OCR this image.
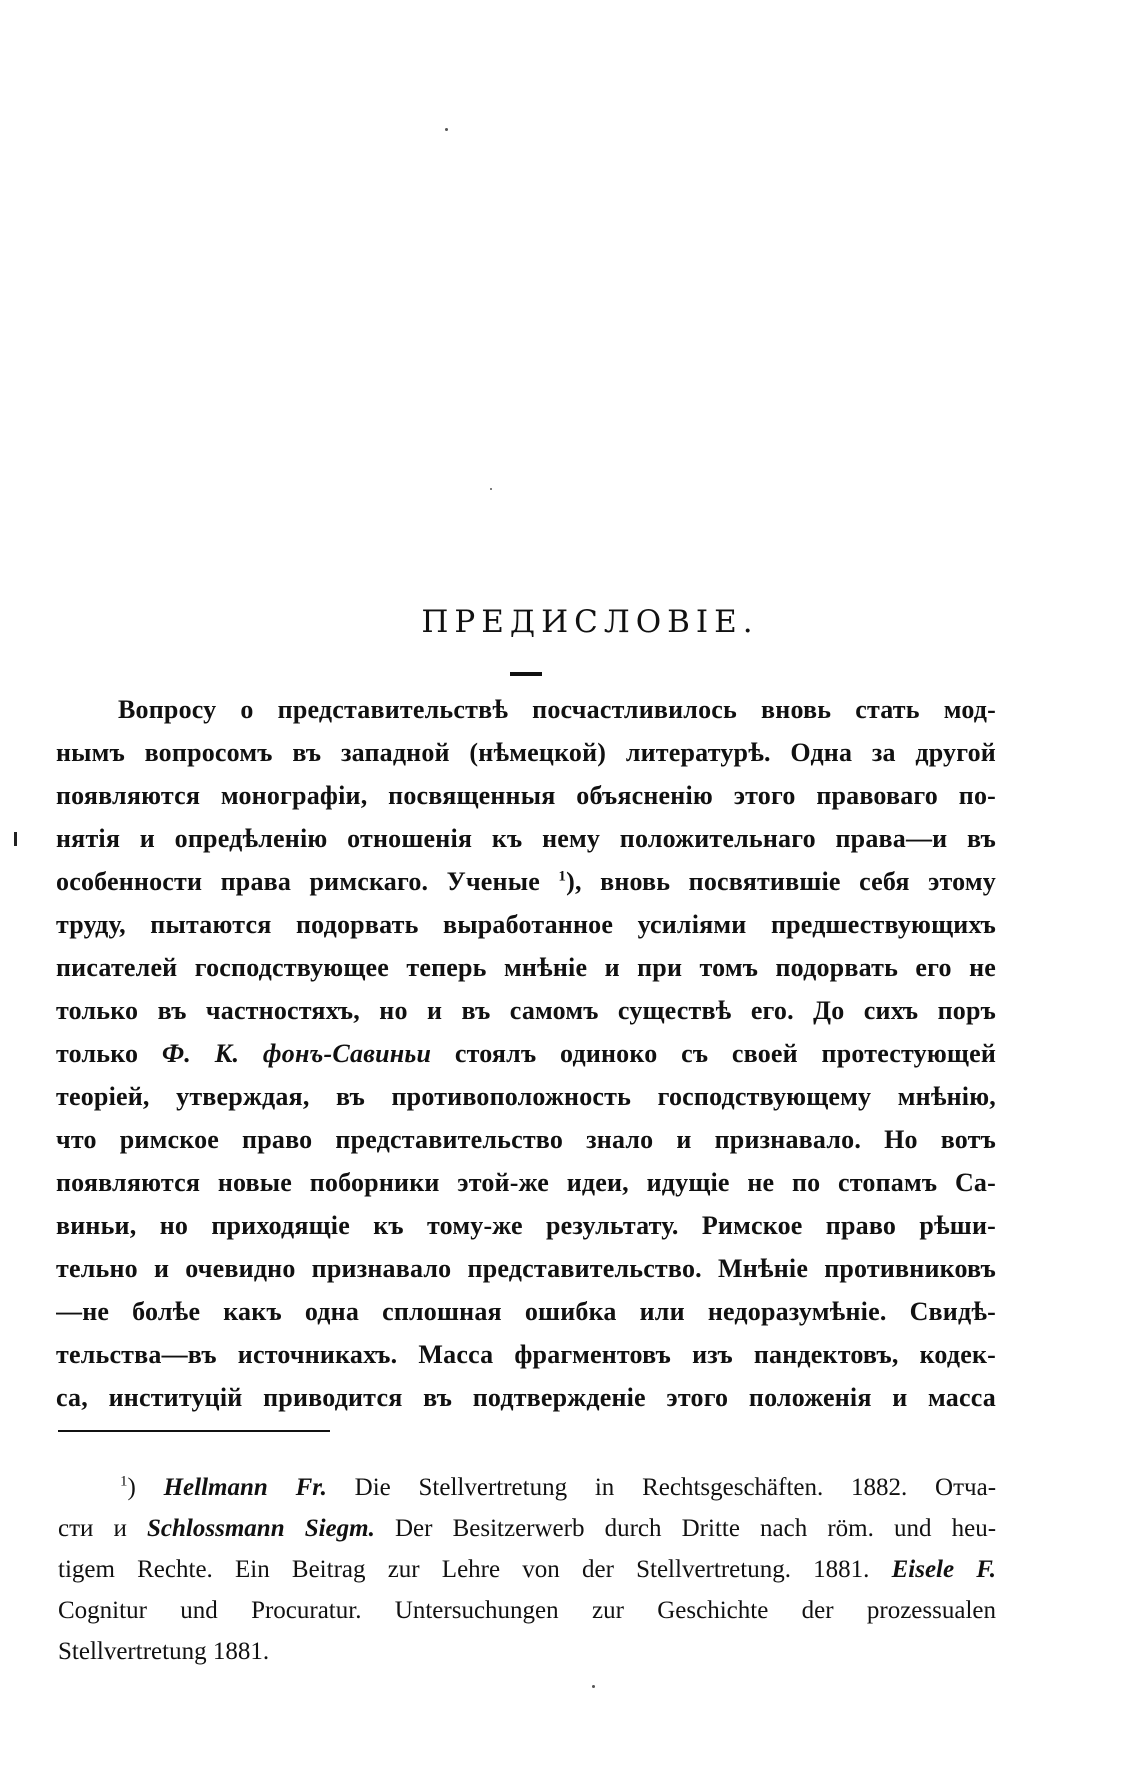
ПРЕДИСЛОВІЕ.
Вопросу о представительствѣ посчастливилось вновь стать мод-
нымъ вопросомъ въ западной (нѣмецкой) литературѣ. Одна за другой
появляются монографіи, посвященныя объясненію этого правоваго по-
нятія и опредѣленію отношенія къ нему положительнаго права—и въ
особенности права римскаго. Ученые $^1$), вновь посвятившіе себя этому
труду, пытаются подорвать выработанное усиліями предшествующихъ
писателей господствующее теперь мнѣніе и при томъ подорвать его не
только въ частностяхъ, но и въ самомъ существѣ его. До сихъ поръ
только Ф. К. фонъ-Савиньи стоялъ одиноко съ своей протестующей
теоріей, утверждая, въ противоположность господствующему мнѣнію,
что римское право представительство знало и признавало. Но вотъ
появляются новые поборники этой-же идеи, идущіе не по стопамъ Са-
виньи, но приходящіе къ тому-же результату. Римское право рѣши-
тельно и очевидно признавало представительство. Мнѣніе противниковъ
—не болѣе какъ одна сплошная ошибка или недоразумѣніе. Свидѣ-
тельства—въ источникахъ. Масса фрагментовъ изъ пандектовъ, кодек-
са, институцій приводится въ подтвержденіе этого положенія и масса
$^1$) Hellmann Fr. Die Stellvertretung in Rechtsgeschäften. 1882. Отча-
сти и Schlossmann Siegm. Der Besitzerwerb durch Dritte nach röm. und heu-
tigem Rechte. Ein Beitrag zur Lehre von der Stellvertretung. 1881. Eisele F.
Cognitur und Procuratur. Untersuchungen zur Geschichte der prozessualen
Stellvertretung 1881.
